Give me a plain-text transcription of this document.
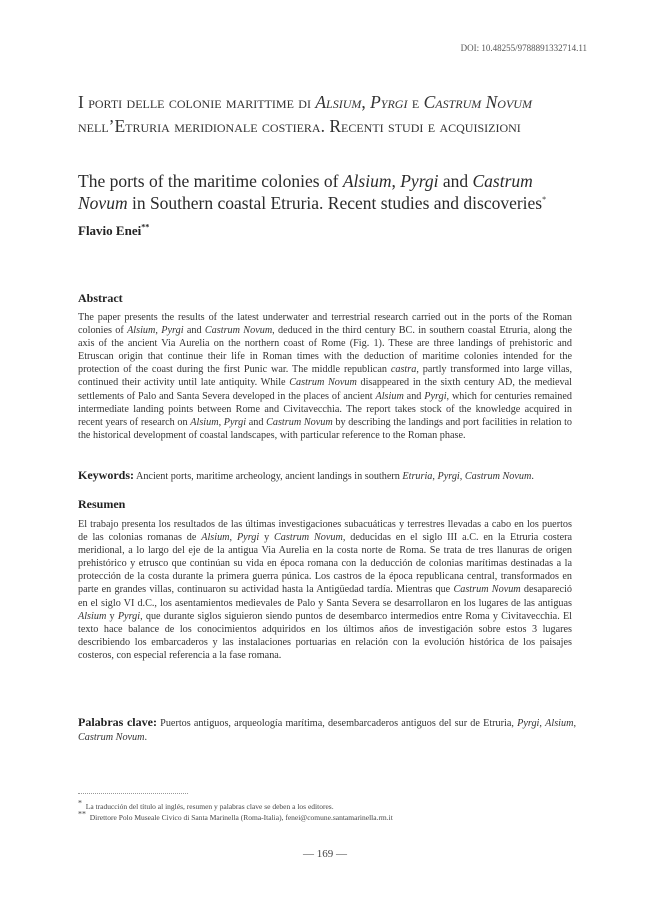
DOI: 10.48255/9788891332714.11
I porti delle colonie marittime di Alsium, Pyrgi e Castrum Novum nell’Etruria meridionale costiera. Recenti studi e acquisizioni
The ports of the maritime colonies of Alsium, Pyrgi and Castrum Novum in Southern coastal Etruria. Recent studies and discoveries*
Flavio Enei**
Abstract
The paper presents the results of the latest underwater and terrestrial research carried out in the ports of the Roman colonies of Alsium, Pyrgi and Castrum Novum, deduced in the third century BC. in southern coastal Etruria, along the axis of the ancient Via Aurelia on the northern coast of Rome (Fig. 1). These are three landings of prehistoric and Etruscan origin that continue their life in Roman times with the deduction of maritime colonies intended for the protection of the coast during the first Punic war. The middle republican castra, partly transformed into large villas, continued their activity until late antiquity. While Castrum Novum disappeared in the sixth century AD, the medieval settlements of Palo and Santa Severa developed in the places of ancient Alsium and Pyrgi, which for centuries remained intermediate landing points between Rome and Civitavecchia. The report takes stock of the knowledge acquired in recent years of research on Alsium, Pyrgi and Castrum Novum by describing the landings and port facilities in relation to the historical development of coastal landscapes, with particular reference to the Roman phase.
Keywords: Ancient ports, maritime archeology, ancient landings in southern Etruria, Pyrgi, Castrum Novum.
Resumen
El trabajo presenta los resultados de las últimas investigaciones subacuáticas y terrestres llevadas a cabo en los puertos de las colonias romanas de Alsium, Pyrgi y Castrum Novum, deducidas en el siglo III a.C. en la Etruria costera meridional, a lo largo del eje de la antigua Via Aurelia en la costa norte de Roma. Se trata de tres llanuras de origen prehistórico y etrusco que continúan su vida en época romana con la deducción de colonias marítimas destinadas a la protección de la costa durante la primera guerra púnica. Los castros de la época republicana central, transformados en parte en grandes villas, continuaron su actividad hasta la Antigüedad tardía. Mientras que Castrum Novum desapareció en el siglo VI d.C., los asentamientos medievales de Palo y Santa Severa se desarrollaron en los lugares de las antiguas Alsium y Pyrgi, que durante siglos siguieron siendo puntos de desembarco intermedios entre Roma y Civitavecchia. El texto hace balance de los conocimientos adquiridos en los últimos años de investigación sobre estos 3 lugares describiendo los embarcaderos y las instalaciones portuarias en relación con la evolución histórica de los paisajes costeros, con especial referencia a la fase romana.
Palabras clave: Puertos antiguos, arqueología marítima, desembarcaderos antiguos del sur de Etruria, Pyrgi, Alsium, Castrum Novum.
* La traducción del título al inglés, resumen y palabras clave se deben a los editores.
** Direttore Polo Museale Civico di Santa Marinella (Roma-Italia), fenei@comune.santamarinella.rm.it
— 169 —
